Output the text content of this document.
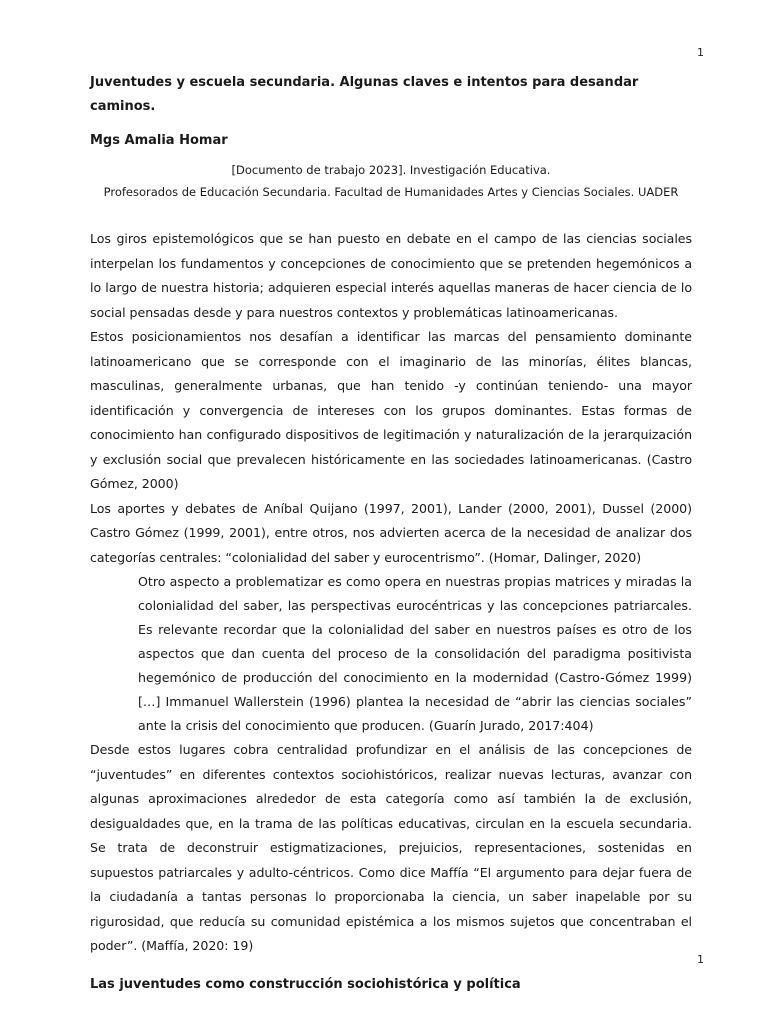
1
Juventudes y escuela secundaria. Algunas claves e intentos para desandar caminos.
Mgs Amalia Homar
[Documento de trabajo 2023]. Investigación Educativa.
Profesorados de Educación Secundaria. Facultad de Humanidades Artes y Ciencias Sociales. UADER

Los giros epistemológicos que se han puesto en debate en el campo de las ciencias sociales interpelan los fundamentos y concepciones de conocimiento que se pretenden hegemónicos a lo largo de nuestra historia; adquieren especial interés aquellas maneras de hacer ciencia de lo social pensadas desde y para nuestros contextos y problemáticas latinoamericanas.

Estos posicionamientos nos desafían a identificar las marcas del pensamiento dominante latinoamericano que se corresponde con el imaginario de las minorías, élites blancas, masculinas, generalmente urbanas, que han tenido -y continúan teniendo- una mayor identificación y convergencia de intereses con los grupos dominantes. Estas formas de conocimiento han configurado dispositivos de legitimación y naturalización de la jerarquización y exclusión social que prevalecen históricamente en las sociedades latinoamericanas. (Castro Gómez, 2000)

Los aportes y debates de Aníbal Quijano (1997, 2001), Lander (2000, 2001), Dussel (2000) Castro Gómez (1999, 2001), entre otros, nos advierten acerca de la necesidad de analizar dos categorías centrales: “colonialidad del saber y eurocentrismo”. (Homar, Dalinger, 2020)

Otro aspecto a problematizar es como opera en nuestras propias matrices y miradas la colonialidad del saber, las perspectivas eurocéntricas y las concepciones patriarcales. Es relevante recordar que la colonialidad del saber en nuestros países es otro de los aspectos que dan cuenta del proceso de la consolidación del paradigma positivista hegemónico de producción del conocimiento en la modernidad (Castro-Gómez 1999) […] Immanuel Wallerstein (1996) plantea la necesidad de “abrir las ciencias sociales” ante la crisis del conocimiento que producen. (Guarín Jurado, 2017:404)

Desde estos lugares cobra centralidad profundizar en el análisis de las concepciones de “juventudes” en diferentes contextos sociohistóricos, realizar nuevas lecturas, avanzar con algunas aproximaciones alrededor de esta categoría como así también la de exclusión, desigualdades que, en la trama de las políticas educativas, circulan en la escuela secundaria. Se trata de deconstruir estigmatizaciones, prejuicios, representaciones, sostenidas en supuestos patriarcales y adulto-céntricos. Como dice Maffía “El argumento para dejar fuera de la ciudadanía a tantas personas lo proporcionaba la ciencia, un saber inapelable por su rigurosidad, que reducía su comunidad epistémica a los mismos sujetos que concentraban el poder”. (Maffía, 2020: 19)

Las juventudes como construcción sociohistórica y política
1
